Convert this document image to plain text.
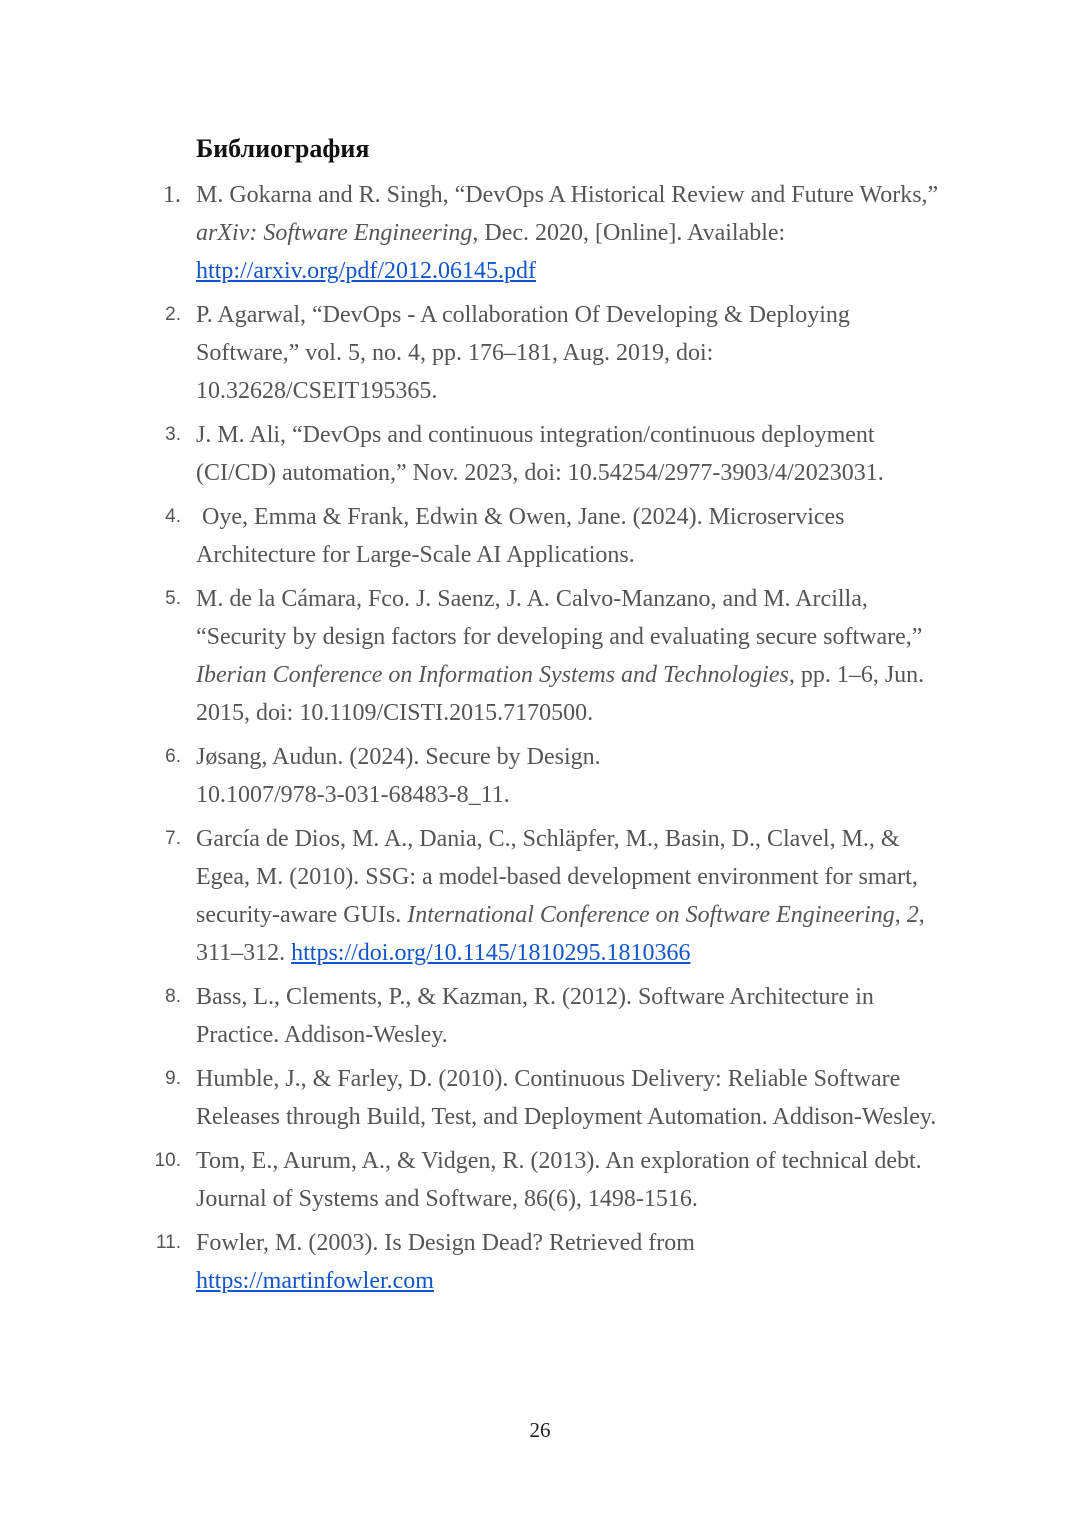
Библиография
1. M. Gokarna and R. Singh, “DevOps A Historical Review and Future Works,” arXiv: Software Engineering, Dec. 2020, [Online]. Available:
http://arxiv.org/pdf/2012.06145.pdf
2. P. Agarwal, “DevOps - A collaboration Of Developing & Deploying Software,” vol. 5, no. 4, pp. 176–181, Aug. 2019, doi: 10.32628/CSEIT195365.
3. J. M. Ali, “DevOps and continuous integration/continuous deployment (CI/CD) automation,” Nov. 2023, doi: 10.54254/2977-3903/4/2023031.
4. Oye, Emma & Frank, Edwin & Owen, Jane. (2024). Microservices Architecture for Large-Scale AI Applications.
5. M. de la Cámara, Fco. J. Saenz, J. A. Calvo-Manzano, and M. Arcilla, “Security by design factors for developing and evaluating secure software,” Iberian Conference on Information Systems and Technologies, pp. 1–6, Jun. 2015, doi: 10.1109/CISTI.2015.7170500.
6. Jøsang, Audun. (2024). Secure by Design. 10.1007/978-3-031-68483-8_11.
7. García de Dios, M. A., Dania, C., Schläpfer, M., Basin, D., Clavel, M., & Egea, M. (2010). SSG: a model-based development environment for smart, security-aware GUIs. International Conference on Software Engineering, 2, 311–312. https://doi.org/10.1145/1810295.1810366
8. Bass, L., Clements, P., & Kazman, R. (2012). Software Architecture in Practice. Addison-Wesley.
9. Humble, J., & Farley, D. (2010). Continuous Delivery: Reliable Software Releases through Build, Test, and Deployment Automation. Addison-Wesley.
10. Tom, E., Aurum, A., & Vidgen, R. (2013). An exploration of technical debt. Journal of Systems and Software, 86(6), 1498-1516.
11. Fowler, M. (2003). Is Design Dead? Retrieved from
https://martinfowler.com
26
